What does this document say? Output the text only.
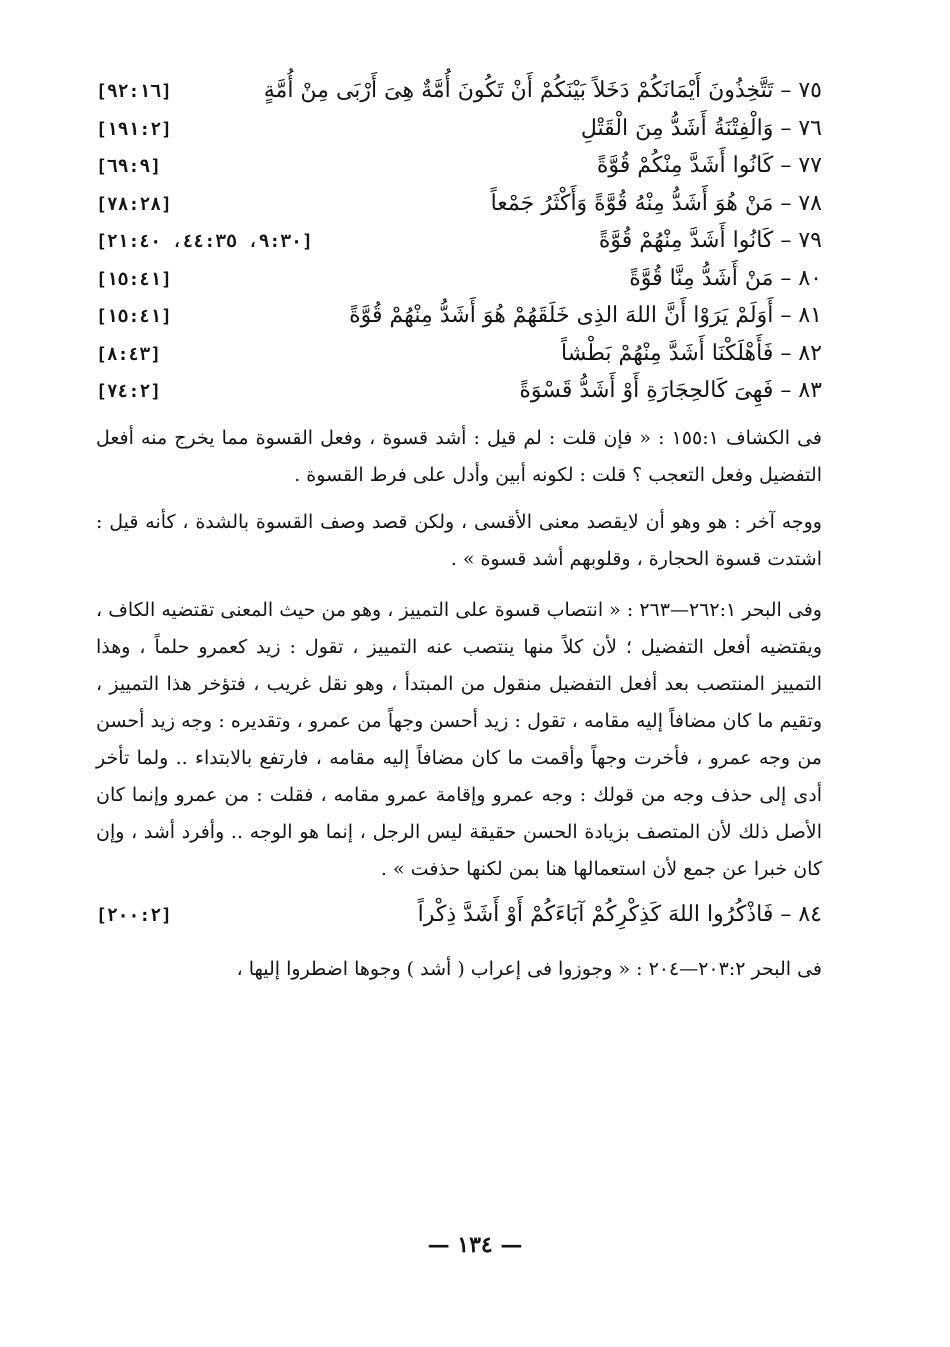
٧٥ – تَتَّخِذُونَ أَيْمَانَكُمْ دَخَلاً بَيْنَكُمْ أَنْ تَكُونَ أُمَّةٌ هِىَ أَرْبَى مِنْ أُمَّةٍ
[٩٢:١٦]
٧٦ – وَالْفِتْنَةُ أَشَدُّ مِنَ الْقَتْلِ
[١٩١:٢]
٧٧ – كَانُوا أَشَدَّ مِنْكُمْ قُوَّةً
[٦٩:٩]
٧٨ – مَنْ هُوَ أَشَدُّ مِنْهُ قُوَّةً وَأَكْثَرُ جَمْعاً
[٧٨:٢٨]
٧٩ – كَانُوا أَشَدَّ مِنْهُمْ قُوَّةً
[٩:٣٠، ٤٤:٣٥، ٢١:٤٠]
٨٠ – مَنْ أَشَدُّ مِنَّا قُوَّةً
[١٥:٤١]
٨١ – أَوَلَمْ يَرَوْا أَنَّ اللهَ الذِى خَلَقَهُمْ هُوَ أَشَدُّ مِنْهُمْ قُوَّةً
[١٥:٤١]
٨٢ – فَأَهْلَكْنَا أَشَدَّ مِنْهُمْ بَطْشاً
[٨:٤٣]
٨٣ – فَهِىَ كَالحِجَارَةِ أَوْ أَشَدُّ قَسْوَةً
[٧٤:٢]

فى الكشاف ١٥٥:١ : « فإن قلت : لم قيل : أشد قسوة ، وفعل القسوة مما يخرج منه أفعل التفضيل وفعل التعجب ؟ قلت : لكونه أبين وأدل على فرط القسوة .

ووجه آخر : هو وهو أن لايقصد معنى الأقسى ، ولكن قصد وصف القسوة بالشدة ، كأنه قيل : اشتدت قسوة الحجارة ، وقلوبهم أشد قسوة » .

وفى البحر ٢٦٢:١—٢٦٣ : « انتصاب قسوة على التمييز ، وهو من حيث المعنى تقتضيه الكاف ، ويقتضيه أفعل التفضيل ؛ لأن كلاً منها ينتصب عنه التمييز ، تقول : زيد كعمرو حلماً ، وهذا التمييز المنتصب بعد أفعل التفضيل منقول من المبتدأ ، وهو نقل غريب ، فتؤخر هذا التمييز ، وتقيم ما كان مضافاً إليه مقامه ، تقول : زيد أحسن وجهاً من عمرو ، وتقديره : وجه زيد أحسن من وجه عمرو ، فأخرت وجهاً وأقمت ما كان مضافاً إليه مقامه ، فارتفع بالابتداء .. ولما تأخر أدى إلى حذف وجه من قولك : وجه عمرو وإقامة عمرو مقامه ، فقلت : من عمرو وإنما كان الأصل ذلك لأن المتصف بزيادة الحسن حقيقة ليس الرجل ، إنما هو الوجه .. وأفرد أشد ، وإن كان خبرا عن جمع لأن استعمالها هنا بمن لكنها حذفت » .

٨٤ – فَاذْكُرُوا اللهَ كَذِكْرِكُمْ آبَاءَكُمْ أَوْ أَشَدَّ ذِكْراً
[٢٠٠:٢]

فى البحر ٢٠٣:٢—٢٠٤ : « وجوزوا فى إعراب ( أشد ) وجوها اضطروا إليها ،

— ١٣٤ —
